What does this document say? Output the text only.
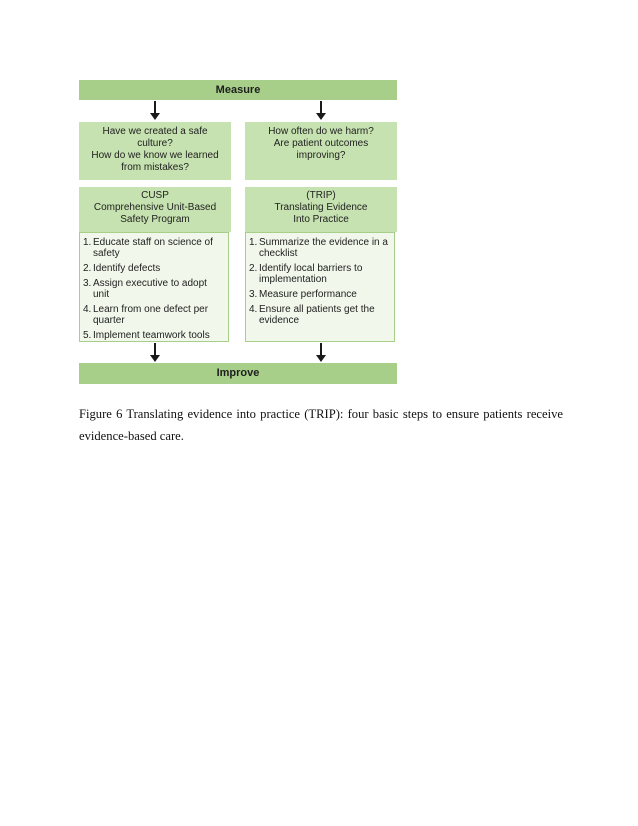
Measure
Have we created a safe
culture?
How do we know we learned
from mistakes?
CUSP
Comprehensive Unit-Based
Safety Program
1. Educate staff on science of safety
2. Identify defects
3. Assign executive to adopt unit
4. Learn from one defect per quarter
5. Implement teamwork tools
How often do we harm?
Are patient outcomes
improving?
(TRIP)
Translating Evidence
Into Practice
1. Summarize the evidence in a checklist
2. Identify local barriers to implementation
3. Measure performance
4. Ensure all patients get the evidence
Improve
Figure 6 Translating evidence into practice (TRIP): four basic steps to ensure patients receive evidence-based care.
